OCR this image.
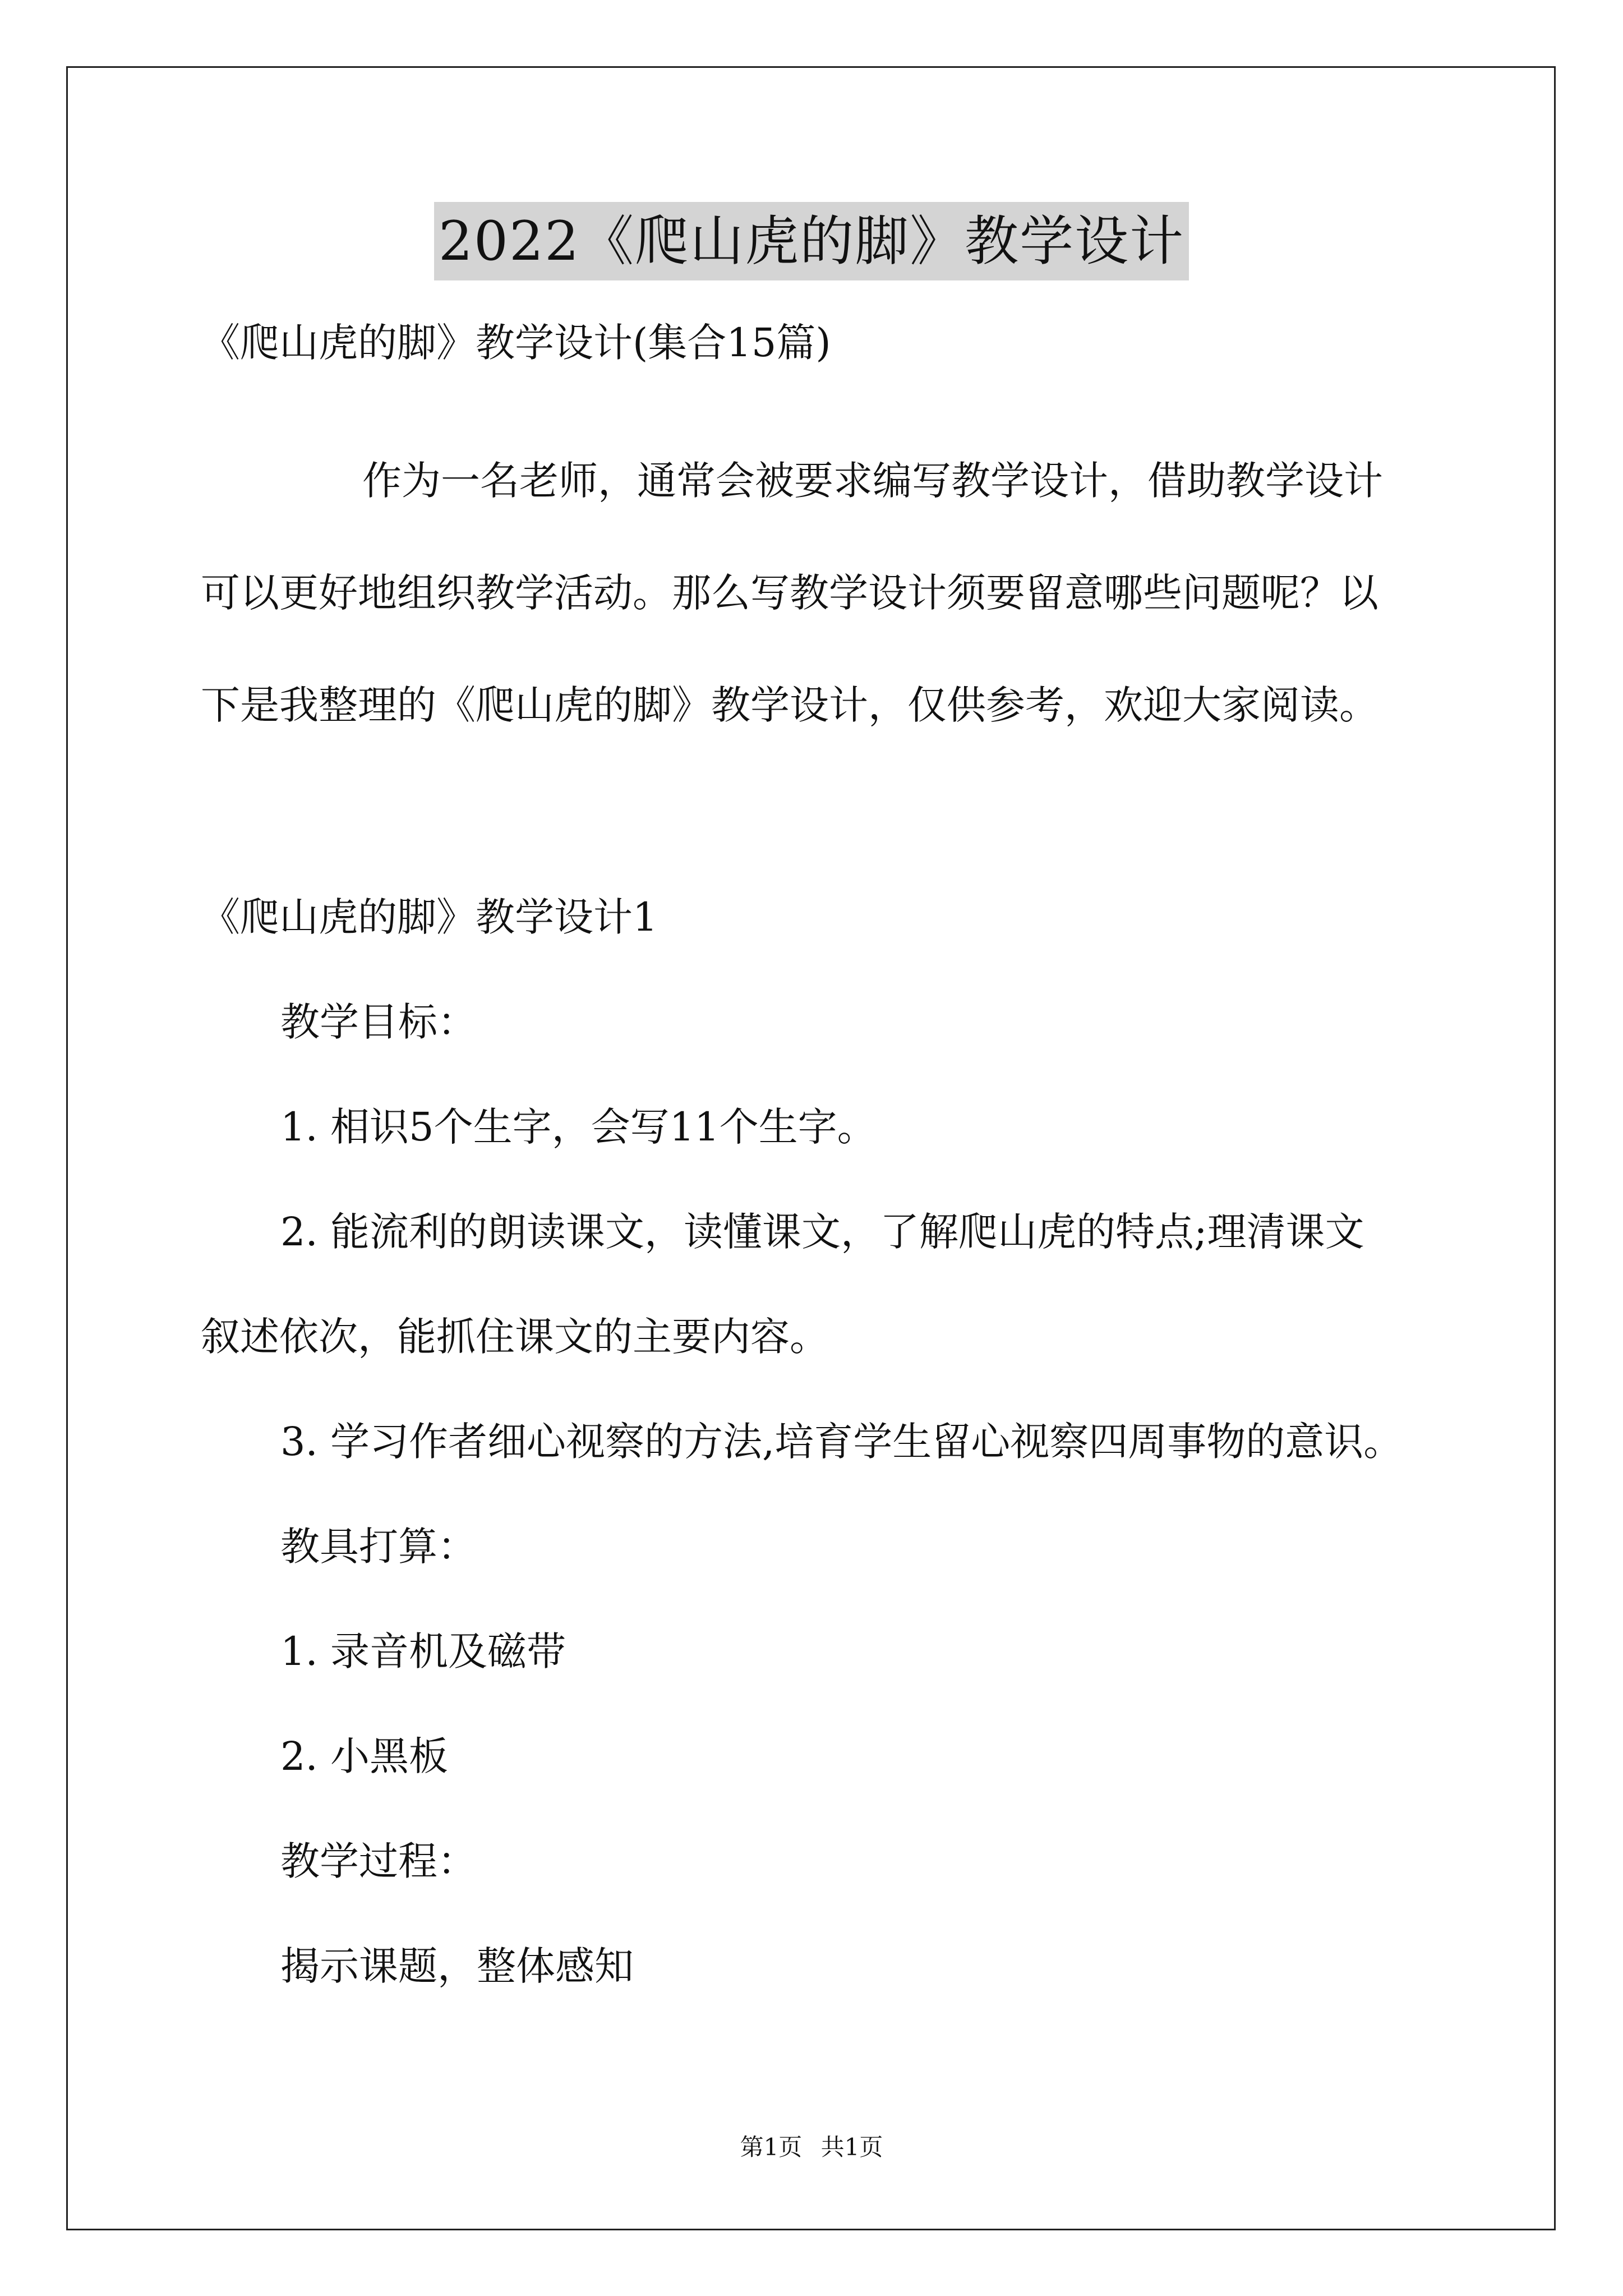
2022《爬山虎的脚》教学设计
《爬山虎的脚》教学设计(集合15篇)
作为一名老师，通常会被要求编写教学设计，借助教学设计
可以更好地组织教学活动。那么写教学设计须要留意哪些问题呢？以
下是我整理的《爬山虎的脚》教学设计，仅供参考，欢迎大家阅读。
《爬山虎的脚》教学设计1
教学目标：
1. 相识5个生字，会写11个生字。
2. 能流利的朗读课文，读懂课文，了解爬山虎的特点;理清课文
叙述依次，能抓住课文的主要内容。
3. 学习作者细心视察的方法,培育学生留心视察四周事物的意识。
教具打算：
1. 录音机及磁带
2. 小黑板
教学过程：
揭示课题，整体感知
第1页 共1页
